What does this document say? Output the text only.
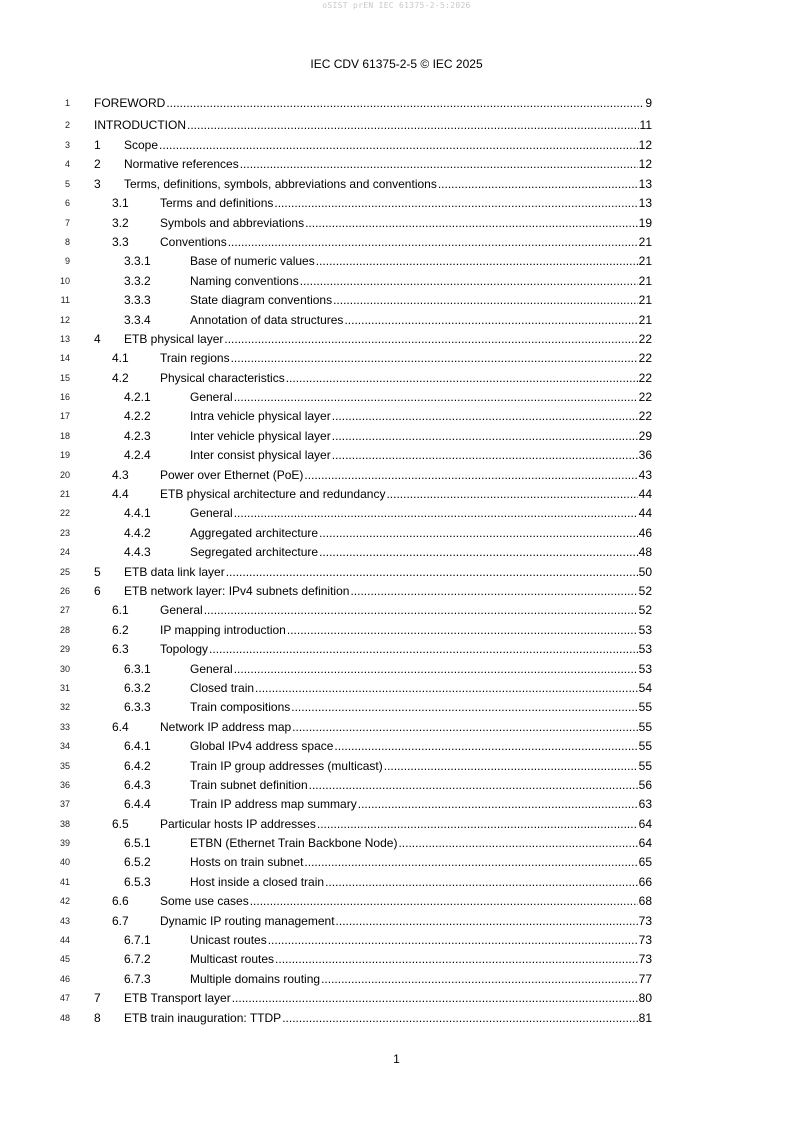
oSIST prEN IEC 61375-2-5:2026
IEC CDV 61375-2-5 © IEC 2025
1 FOREWORD .....	9
2 INTRODUCTION .....	11
3 1	Scope .....	12
4 2	Normative references .....	12
5 3	Terms, definitions, symbols, abbreviations and conventions .....	13
6	3.1	Terms and definitions .....	13
7	3.2	Symbols and abbreviations .....	19
8	3.3	Conventions .....	21
9	3.3.1	Base of numeric values .....	21
10	3.3.2	Naming conventions .....	21
11	3.3.3	State diagram conventions .....	21
12	3.3.4	Annotation of data structures .....	21
13 4	ETB physical layer .....	22
14	4.1	Train regions .....	22
15	4.2	Physical characteristics .....	22
16	4.2.1	General .....	22
17	4.2.2	Intra vehicle physical layer .....	22
18	4.2.3	Inter vehicle physical layer .....	29
19	4.2.4	Inter consist physical layer .....	36
20	4.3	Power over Ethernet (PoE) .....	43
21	4.4	ETB physical architecture and redundancy .....	44
22	4.4.1	General .....	44
23	4.4.2	Aggregated architecture .....	46
24	4.4.3	Segregated architecture .....	48
25 5	ETB data link layer .....	50
26 6	ETB network layer: IPv4 subnets definition .....	52
27	6.1	General .....	52
28	6.2	IP mapping introduction .....	53
29	6.3	Topology .....	53
30	6.3.1	General .....	53
31	6.3.2	Closed train .....	54
32	6.3.3	Train compositions .....	55
33	6.4	Network IP address map .....	55
34	6.4.1	Global IPv4 address space .....	55
35	6.4.2	Train IP group addresses (multicast) .....	55
36	6.4.3	Train subnet definition .....	56
37	6.4.4	Train IP address map summary .....	63
38	6.5	Particular hosts IP addresses .....	64
39	6.5.1	ETBN (Ethernet Train Backbone Node) .....	64
40	6.5.2	Hosts on train subnet .....	65
41	6.5.3	Host inside a closed train .....	66
42	6.6	Some use cases .....	68
43	6.7	Dynamic IP routing management .....	73
44	6.7.1	Unicast routes .....	73
45	6.7.2	Multicast routes .....	73
46	6.7.3	Multiple domains routing .....	77
47 7	ETB Transport layer .....	80
48 8	ETB train inauguration: TTDP .....	81
1
